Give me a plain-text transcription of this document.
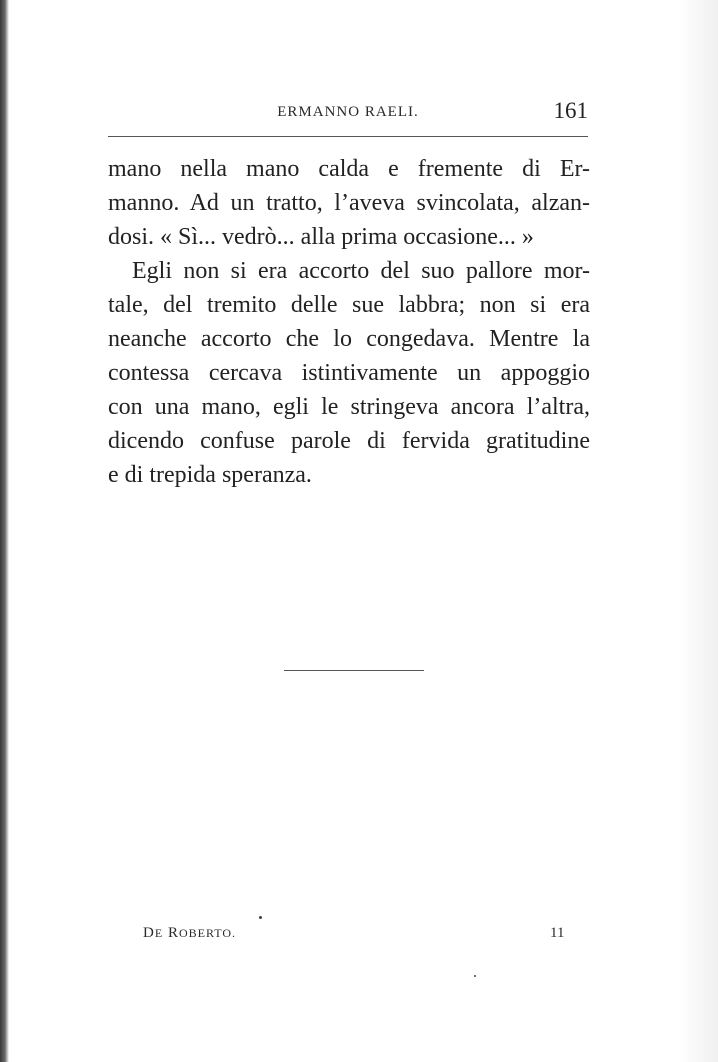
ERMANNO RAELI.	161
mano nella mano calda e fremente di Er-
manno. Ad un tratto, l’aveva svincolata, alzan-
dosi. « Sì... vedrò... alla prima occasione... »
Egli non si era accorto del suo pallore mor-
tale, del tremito delle sue labbra; non si era
neanche accorto che lo congedava. Mentre la
contessa cercava istintivamente un appoggio
con una mano, egli le stringeva ancora l’altra,
dicendo confuse parole di fervida gratitudine
e di trepida speranza.
DE ROBERTO.	11
